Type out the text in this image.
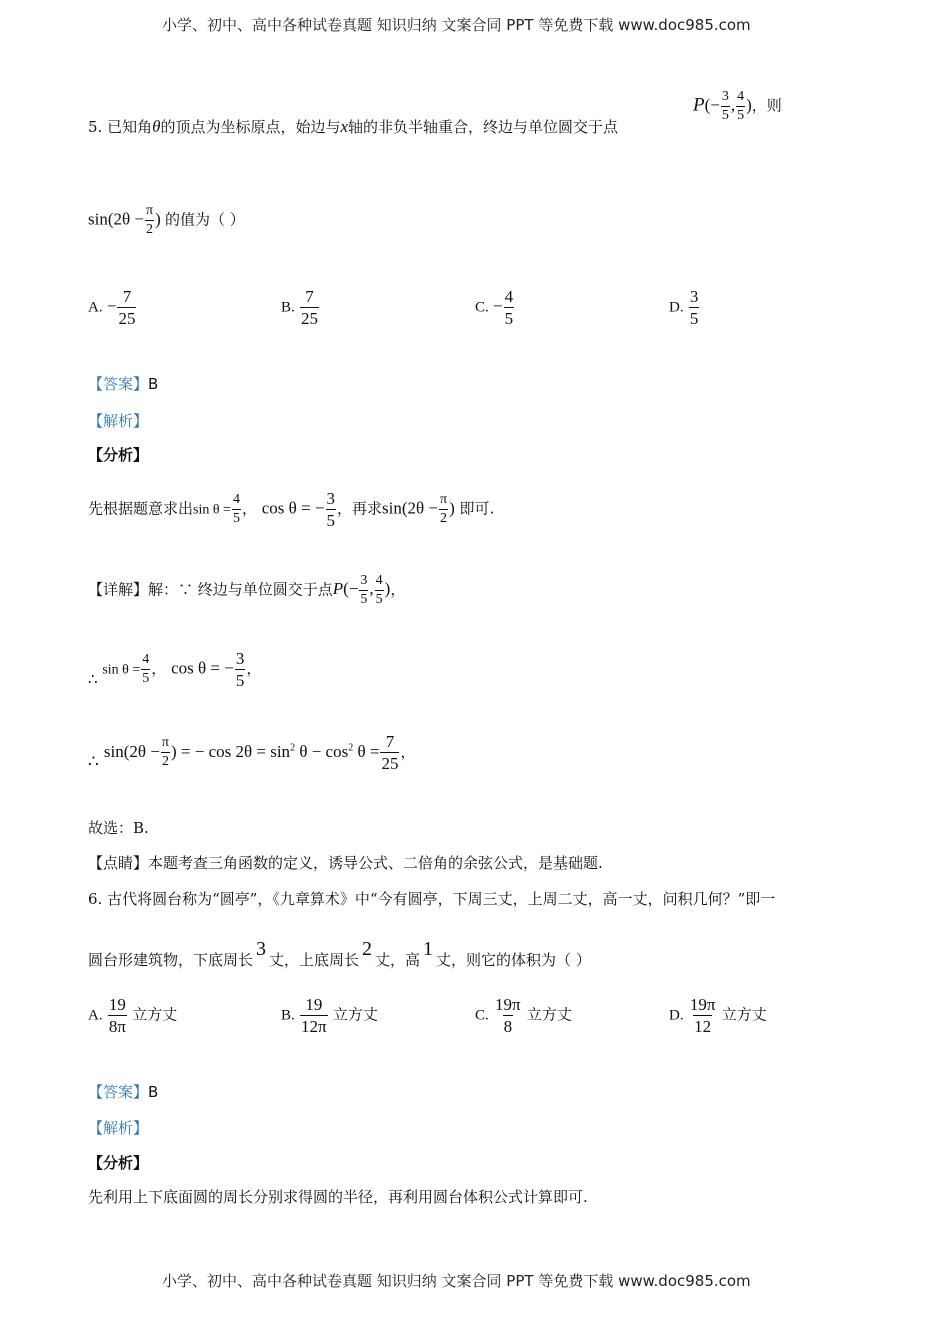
小学、初中、高中各种试卷真题 知识归纳 文案合同 PPT 等免费下载 www.doc985.com
5. 已知角θ的顶点为坐标原点，始边与x轴的非负半轴重合，终边与单位圆交于点
$P(- \frac{3}{5}$ , $\frac{4}{5}$ )，则
$\sin(2\theta - \frac{\pi}{2}$ ) 的值为（ ）
A. − $\frac{7}{25}$	B. $\frac{7}{25}$	C. − $\frac{4}{5}$	D. $\frac{3}{5}$
【答案】B
【解析】
【分析】
先根据题意求出$\sin \theta = \frac{4}{5}$ ， cos θ = − $\frac{3}{5}$ ，再求$\sin(2\theta - \frac{\pi}{2}$ ) 即可.
【详解】解：∵ 终边与单位圆交于点$P(- \frac{3}{5}$ , $\frac{4}{5}$ )，
∴ $\sin \theta = \frac{4}{5}$ ， cos θ = − $\frac{3}{5}$ ，
∴ $\sin(2\theta - \frac{\pi}{2}$ ) = − $\cos 2\theta = \sin^2 \theta - \cos^2 \theta = \frac{7}{25}$ ，
故选：B.
【点睛】本题考查三角函数的定义，诱导公式、二倍角的余弦公式，是基础题.
6. 古代将圆台称为“圆亭”，《九章算术》中“今有圆亭，下周三丈，上周二丈，高一丈，问积几何？”即一
圆台形建筑物，下底周长 3 丈，上底周长 2 丈，高 1 丈，则它的体积为（ ）
A. $\frac{19}{8\pi}$ 立方丈	B. $\frac{19}{12\pi}$ 立方丈	C. $\frac{19\pi}{8}$ 立方丈	D. $\frac{19\pi}{12}$ 立方丈
【答案】B
【解析】
【分析】
先利用上下底面圆的周长分别求得圆的半径，再利用圆台体积公式计算即可.
小学、初中、高中各种试卷真题 知识归纳 文案合同 PPT 等免费下载 www.doc985.com
